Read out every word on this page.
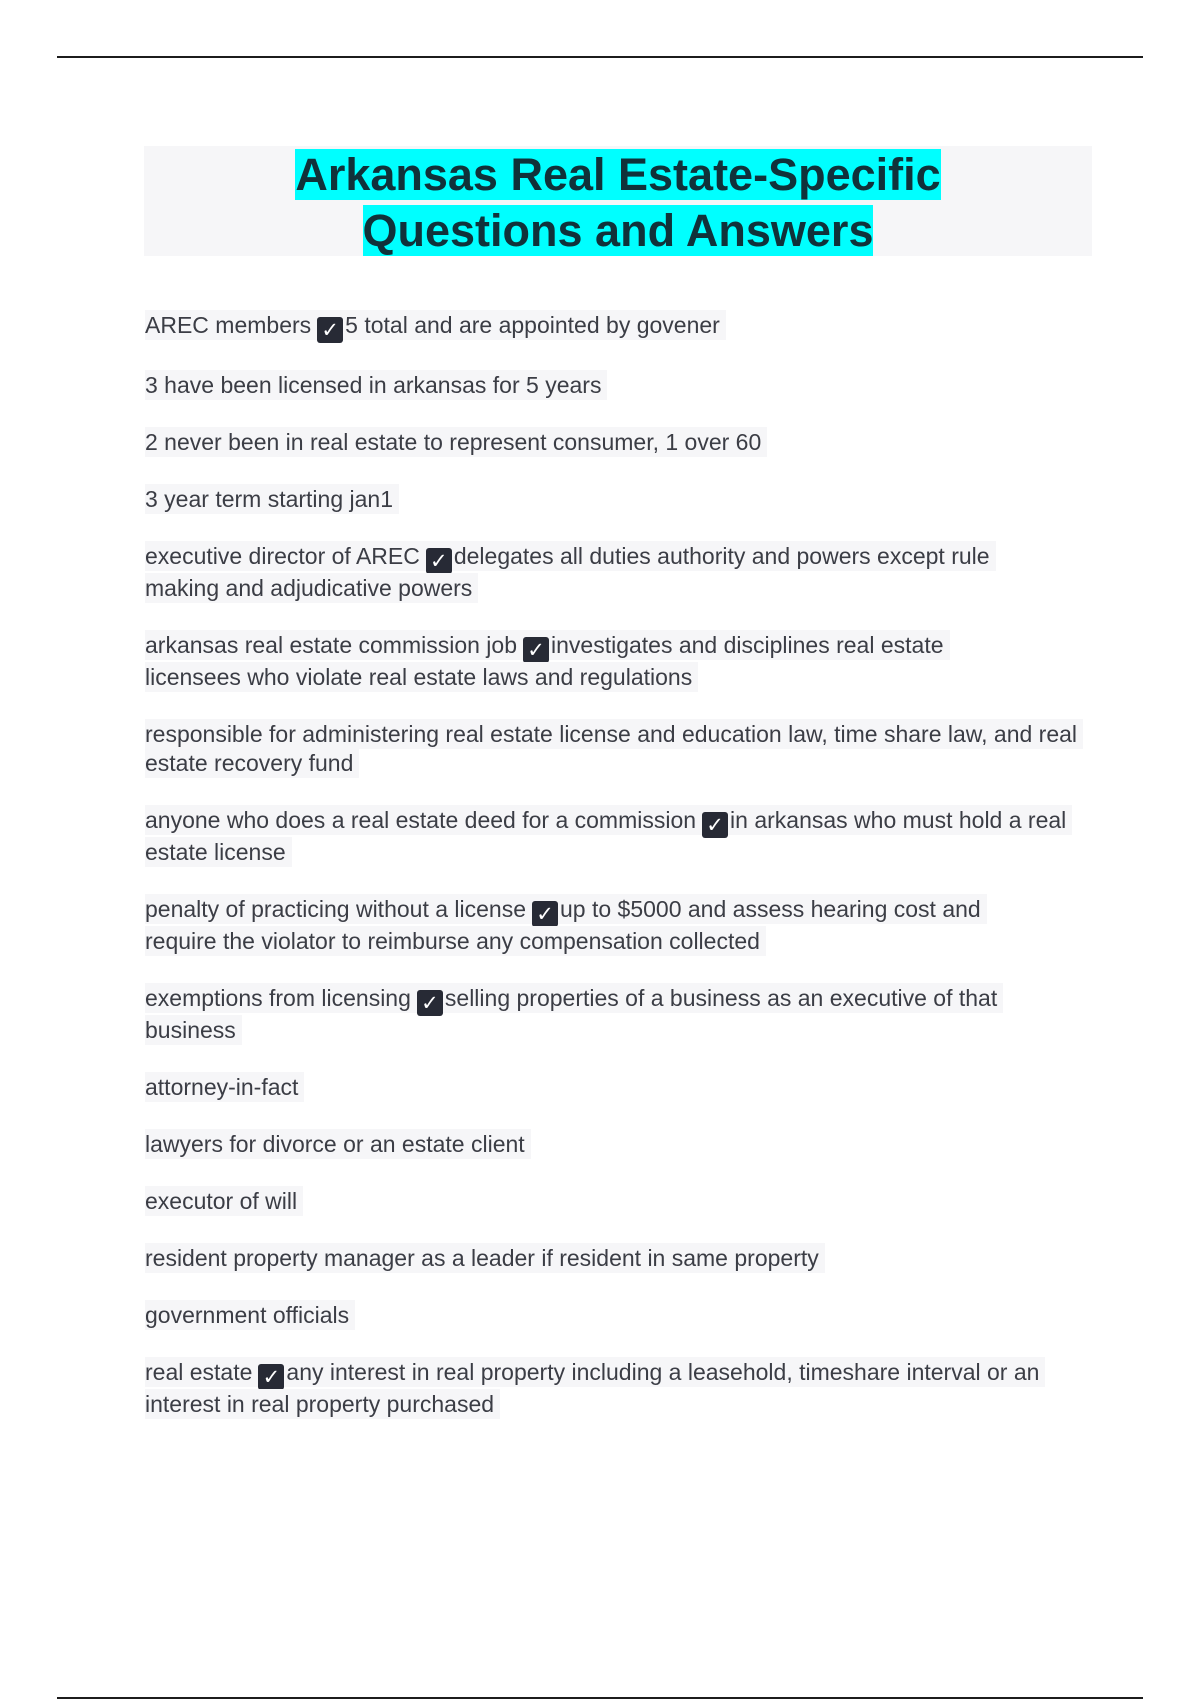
Arkansas Real Estate-Specific
Questions and Answers

AREC members ✓ 5 total and are appointed by govener

3 have been licensed in arkansas for 5 years

2 never been in real estate to represent consumer, 1 over 60

3 year term starting jan1

executive director of AREC ✓ delegates all duties authority and powers except rule making and adjudicative powers

arkansas real estate commission job ✓ investigates and disciplines real estate licensees who violate real estate laws and regulations

responsible for administering real estate license and education law, time share law, and real estate recovery fund

anyone who does a real estate deed for a commission ✓ in arkansas who must hold a real estate license

penalty of practicing without a license ✓ up to $5000 and assess hearing cost and require the violator to reimburse any compensation collected

exemptions from licensing ✓ selling properties of a business as an executive of that business

attorney-in-fact

lawyers for divorce or an estate client

executor of will

resident property manager as a leader if resident in same property

government officials

real estate ✓ any interest in real property including a leasehold, timeshare interval or an interest in real property purchased
